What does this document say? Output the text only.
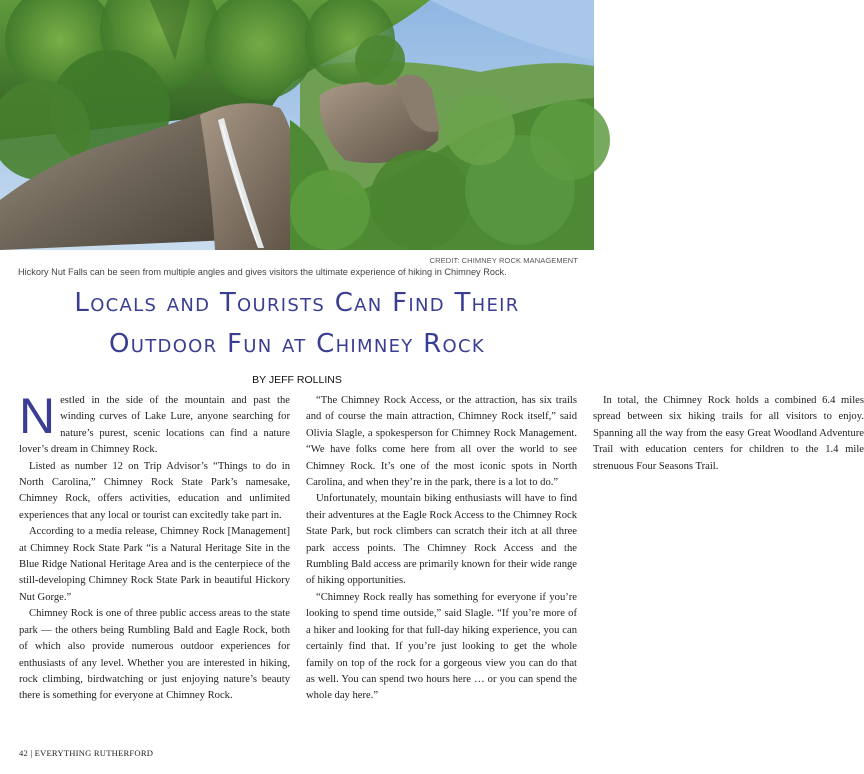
CREDIT: CHIMNEY ROCK MANAGEMENT

Hickory Nut Falls can be seen from multiple angles and gives visitors the ultimate experience of hiking in Chimney Rock.

Locals and Tourists Can Find Their
Outdoor Fun at Chimney Rock

BY JEFF ROLLINS

Nestled in the side of the mountain and past the winding curves of Lake Lure, anyone searching for nature’s purest, scenic locations can find a nature lover’s dream in Chimney Rock.

Listed as number 12 on Trip Advisor’s “Things to do in North Carolina,” Chimney Rock State Park’s namesake, Chimney Rock, offers activities, education and unlimited experiences that any local or tourist can excitedly take part in.

According to a media release, Chimney Rock [Management] at Chimney Rock State Park “is a Natural Heritage Site in the Blue Ridge National Heritage Area and is the centerpiece of the still-developing Chimney Rock State Park in beautiful Hickory Nut Gorge.”

Chimney Rock is one of three public access areas to the state park — the others being Rumbling Bald and Eagle Rock, both of which also provide numerous outdoor experiences for enthusiasts of any level. Whether you are interested in hiking, rock climbing, birdwatching or just enjoying nature’s beauty there is something for everyone at Chimney Rock.

“The Chimney Rock Access, or the attraction, has six trails and of course the main attraction, Chimney Rock itself,” said Olivia Slagle, a spokesperson for Chimney Rock Management. “We have folks come here from all over the world to see Chimney Rock. It’s one of the most iconic spots in North Carolina, and when they’re in the park, there is a lot to do.”

Unfortunately, mountain biking enthusiasts will have to find their adventures at the Eagle Rock Access to the Chimney Rock State Park, but rock climbers can scratch their itch at all three park access points. The Chimney Rock Access and the Rumbling Bald access are primarily known for their wide range of hiking opportunities.

“Chimney Rock really has something for everyone if you’re looking to spend time outside,” said Slagle. “If you’re more of a hiker and looking for that full-day hiking experience, you can certainly find that. If you’re just looking to get the whole family on top of the rock for a gorgeous view you can do that as well. You can spend two hours here … or you can spend the whole day here.”

In total, the Chimney Rock holds a combined 6.4 miles spread between six hiking trails for all visitors to enjoy. Spanning all the way from the easy Great Woodland Adventure Trail with education centers for children to the 1.4 mile strenuous Four Seasons Trail.

42 | EVERYTHING RUTHERFORD
